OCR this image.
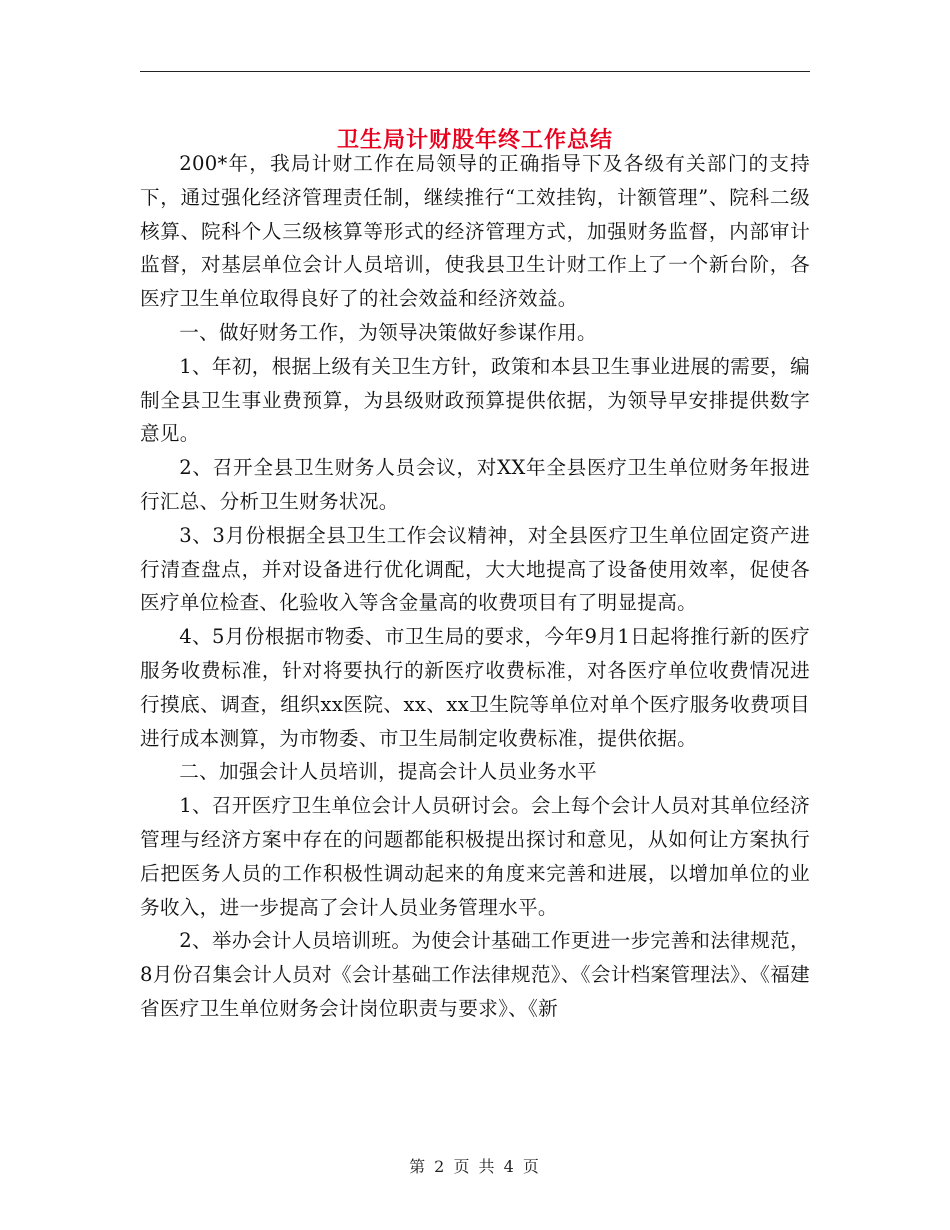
卫生局计财股年终工作总结

200*年，我局计财工作在局领导的正确指导下及各级有关部门的支持下，通过强化经济管理责任制，继续推行“工效挂钩，计额管理”、院科二级核算、院科个人三级核算等形式的经济管理方式，加强财务监督，内部审计监督，对基层单位会计人员培训，使我县卫生计财工作上了一个新台阶，各医疗卫生单位取得良好了的社会效益和经济效益。

一、做好财务工作，为领导决策做好参谋作用。

1、年初，根据上级有关卫生方针，政策和本县卫生事业进展的需要，编制全县卫生事业费预算，为县级财政预算提供依据，为领导早安排提供数字意见。

2、召开全县卫生财务人员会议，对XX年全县医疗卫生单位财务年报进行汇总、分析卫生财务状况。

3、3月份根据全县卫生工作会议精神，对全县医疗卫生单位固定资产进行清查盘点，并对设备进行优化调配，大大地提高了设备使用效率，促使各医疗单位检查、化验收入等含金量高的收费项目有了明显提高。

4、5月份根据市物委、市卫生局的要求，今年9月1日起将推行新的医疗服务收费标准，针对将要执行的新医疗收费标准，对各医疗单位收费情况进行摸底、调查，组织xx医院、xx、xx卫生院等单位对单个医疗服务收费项目进行成本测算，为市物委、市卫生局制定收费标准，提供依据。

二、加强会计人员培训，提高会计人员业务水平

1、召开医疗卫生单位会计人员研讨会。会上每个会计人员对其单位经济管理与经济方案中存在的问题都能积极提出探讨和意见，从如何让方案执行后把医务人员的工作积极性调动起来的角度来完善和进展，以增加单位的业务收入，进一步提高了会计人员业务管理水平。

2、举办会计人员培训班。为使会计基础工作更进一步完善和法律规范，8月份召集会计人员对《会计基础工作法律规范》、《会计档案管理法》、《福建省医疗卫生单位财务会计岗位职责与要求》、《新

第 2 页 共 4 页
